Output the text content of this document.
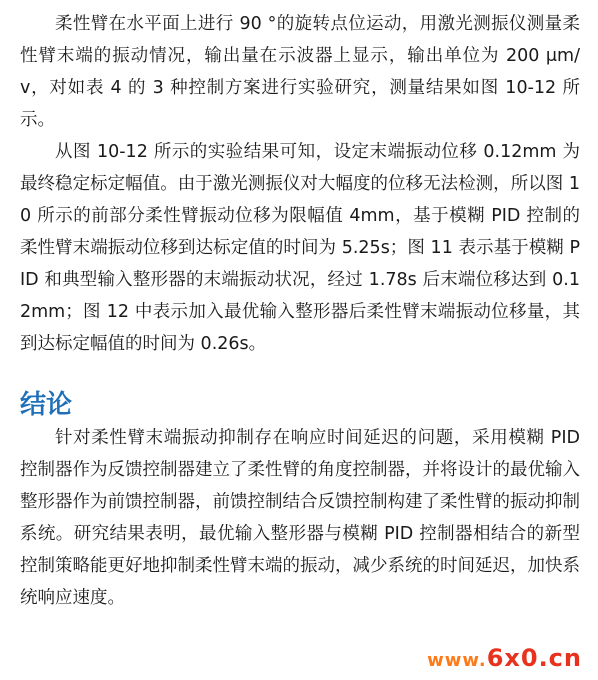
柔性臂在水平面上进行 90 °的旋转点位运动，用激光测振仪测量柔性臂末端的振动情况，输出量在示波器上显示，输出单位为 200 μm/v，对如表 4 的 3 种控制方案进行实验研究，测量结果如图 10-12 所示。

从图 10-12 所示的实验结果可知，设定末端振动位移 0.12mm 为最终稳定标定幅值。由于激光测振仪对大幅度的位移无法检测，所以图 10 所示的前部分柔性臂振动位移为限幅值 4mm，基于模糊 PID 控制的柔性臂末端振动位移到达标定值的时间为 5.25s；图 11 表示基于模糊 PID 和典型输入整形器的末端振动状况，经过 1.78s 后末端位移达到 0.12mm；图 12 中表示加入最优输入整形器后柔性臂末端振动位移量，其到达标定幅值的时间为 0.26s。

结论

针对柔性臂末端振动抑制存在响应时间延迟的问题，采用模糊 PID 控制器作为反馈控制器建立了柔性臂的角度控制器，并将设计的最优输入整形器作为前馈控制器，前馈控制结合反馈控制构建了柔性臂的振动抑制系统。研究结果表明，最优输入整形器与模糊 PID 控制器相结合的新型控制策略能更好地抑制柔性臂末端的振动，减少系统的时间延迟，加快系统响应速度。

www.6x0.cn
